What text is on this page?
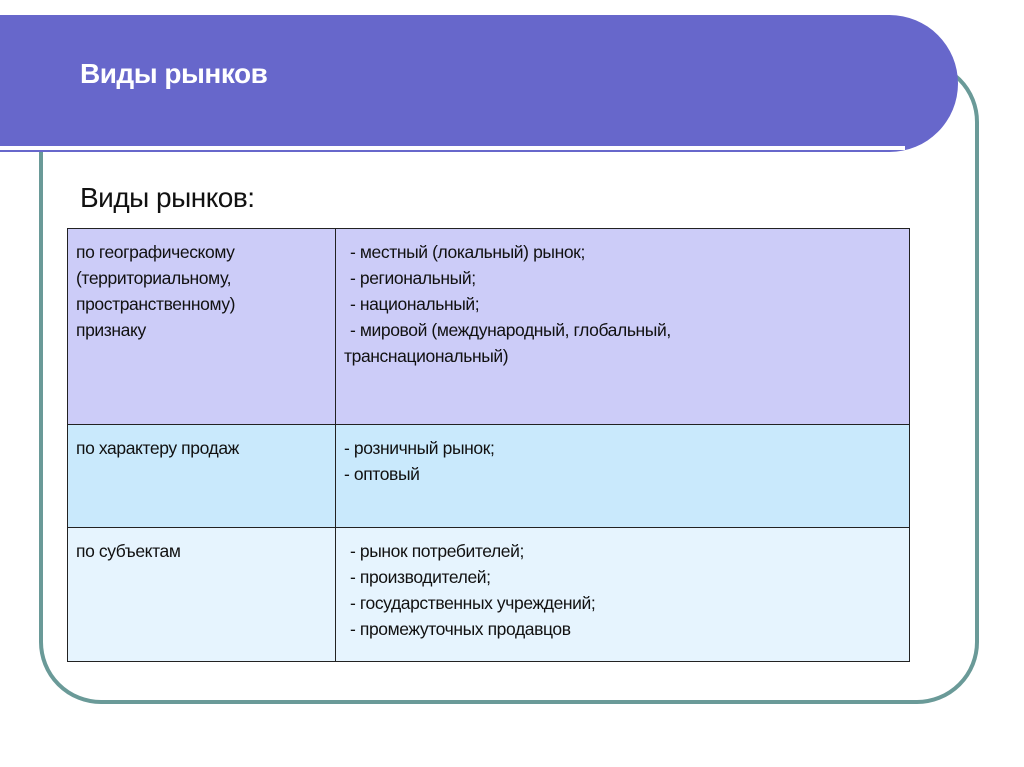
Виды рынков
Виды рынков:
по географическому
(территориальному,
пространственному)
признаку	- местный (локальный) рынок;
- региональный;
- национальный;
- мировой (международный, глобальный,
транснациональный)

по характеру продаж	- розничный рынок;
- оптовый

по субъектам	- рынок потребителей;
- производителей;
- государственных учреждений;
- промежуточных продавцов
